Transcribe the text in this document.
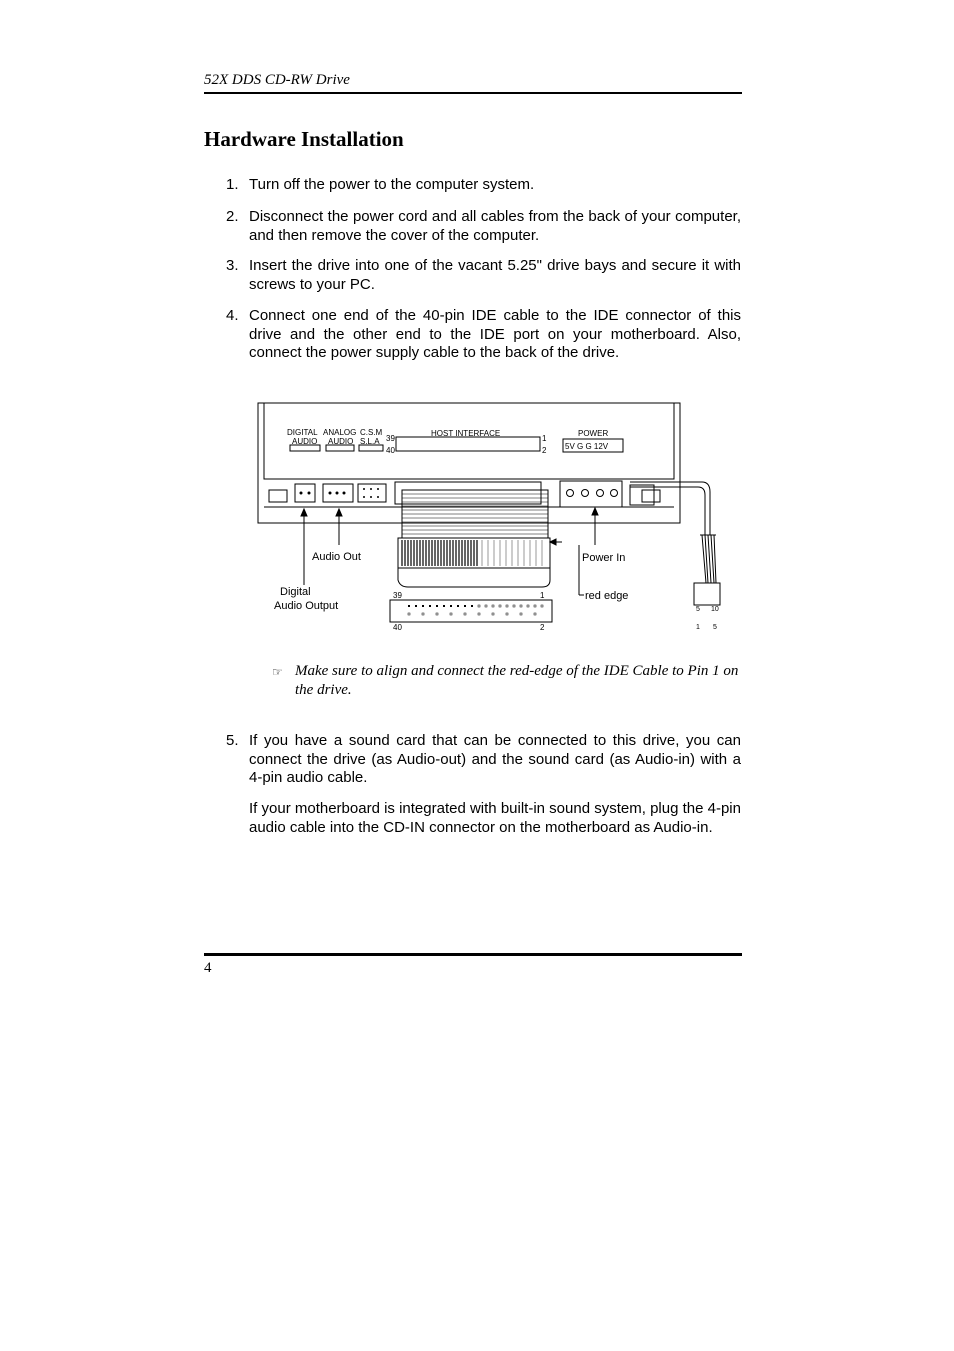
52X DDS CD-RW Drive
Hardware Installation
1. Turn off the power to the computer system.
2. Disconnect the power cord and all cables from the back of your computer, and then remove the cover of the computer.
3. Insert the drive into one of the vacant 5.25" drive bays and secure it with screws to your PC.
4. Connect one end of the 40-pin IDE cable to the IDE connector of this drive and the other end to the IDE port on your motherboard. Also, connect the power supply cable to the back of the drive.
DIGITAL
AUDIO
ANALOG
AUDIO
C.S.M
S.L.A 39
40
HOST INTERFACE
1
2
POWER
5V G G 12V
Audio Out
Digital
Audio Output
Power In
red edge
39	1
40	2
5 10
1 5
☞ Make sure to align and connect the red-edge of the IDE Cable to Pin 1 on the drive.
5. If you have a sound card that can be connected to this drive, you can connect the drive (as Audio-out) and the sound card (as Audio-in) with a 4-pin audio cable.
If your motherboard is integrated with built-in sound system, plug the 4-pin audio cable into the CD-IN connector on the motherboard as Audio-in.
4
